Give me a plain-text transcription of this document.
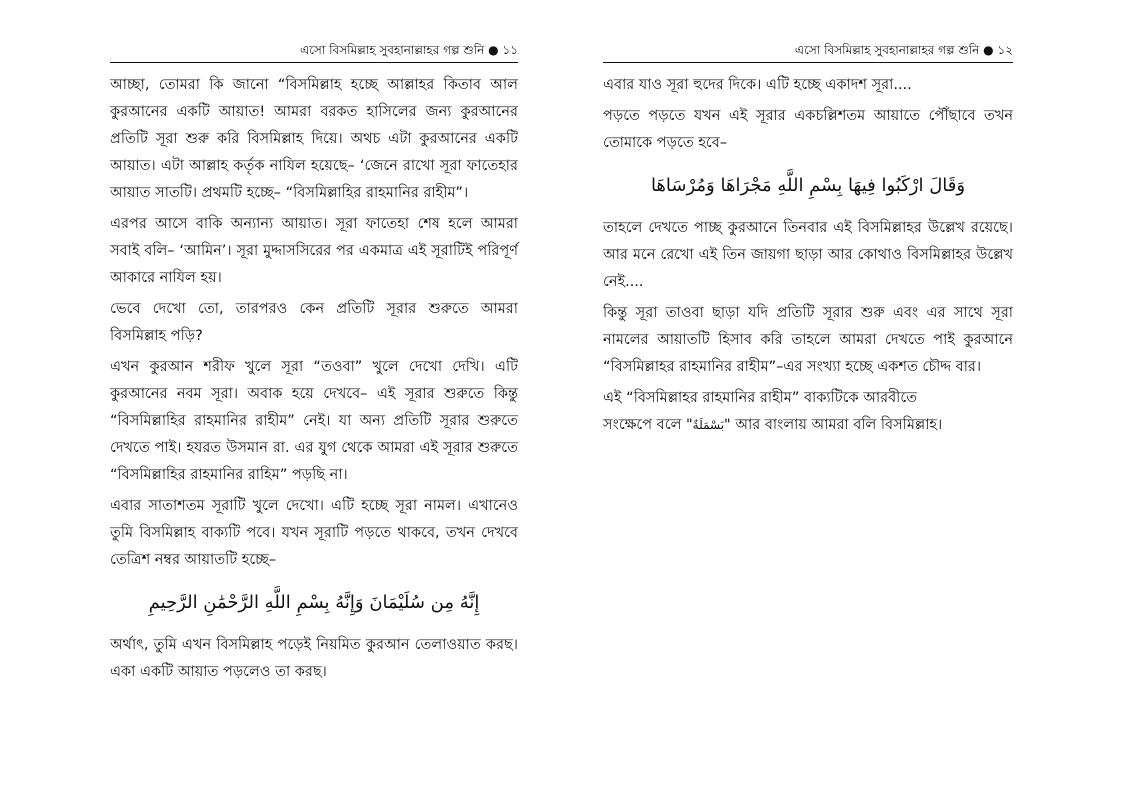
এসো বিসমিল্লাহ সুবহানাল্লাহর গল্প শুনি ● ১১

আচ্ছা, তোমরা কি জানো “বিসমিল্লাহ হচ্ছে আল্লাহর কিতাব আল কুরআনের একটি আয়াত! আমরা বরকত হাসিলের জন্য কুরআনের প্রতিটি সূরা শুরু করি বিসমিল্লাহ দিয়ে। অথচ এটা কুরআনের একটি আয়াত। এটা আল্লাহ কর্তৃক নাযিল হয়েছে– ‘জেনে রাখো সূরা ফাতেহার আয়াত সাতটি। প্রথমটি হচ্ছে– “বিসমিল্লাহির রাহমানির রাহীম”।

এরপর আসে বাকি অন্যান্য আয়াত। সূরা ফাতেহা শেষ হলে আমরা সবাই বলি– ‘আমিন’। সূরা মুদ্দাসসিরের পর একমাত্র এই সূরাটিই পরিপূর্ণ আকারে নাযিল হয়।

ভেবে দেখো তো, তারপরও কেন প্রতিটি সূরার শুরুতে আমরা বিসমিল্লাহ পড়ি?

এখন কুরআন শরীফ খুলে সূরা “তওবা” খুলে দেখো দেখি। এটি কুরআনের নবম সূরা। অবাক হয়ে দেখবে– এই সূরার শুরুতে কিন্তু “বিসমিল্লাহির রাহমানির রাহীম” নেই। যা অন্য প্রতিটি সূরার শুরুতে দেখতে পাই। হযরত উসমান রা. এর যুগ থেকে আমরা এই সূরার শুরুতে “বিসমিল্লাহির রাহমানির রাহিম” পড়ছি না।

এবার সাতাশতম সূরাটি খুলে দেখো। এটি হচ্ছে সূরা নামল। এখানেও তুমি বিসমিল্লাহ বাক্যটি পবে। যখন সূরাটি পড়তে থাকবে, তখন দেখবে তেত্রিশ নম্বর আয়াতটি হচ্ছে–

إِنَّهُ مِن سُلَيْمَانَ وَإِنَّهُ بِسْمِ اللَّهِ الرَّحْمَٰنِ الرَّحِيمِ

অর্থাৎ, তুমি এখন বিসমিল্লাহ পড়েই নিয়মিত কুরআন তেলাওয়াত করছ। একা একটি আয়াত পড়লেও তা করছ।

এসো বিসমিল্লাহ সুবহানাল্লাহর গল্প শুনি ● ১২

এবার যাও সূরা হুদের দিকে। এটি হচ্ছে একাদশ সূরা....

পড়তে পড়তে যখন এই সূরার একচল্লিশতম আয়াতে পৌঁছাবে তখন তোমাকে পড়তে হবে–

وَقَالَ ارْكَبُوا فِيهَا بِسْمِ اللَّهِ مَجْرَاهَا وَمُرْسَاهَا

তাহলে দেখতে পাচ্ছ কুরআনে তিনবার এই বিসমিল্লাহর উল্লেখ রয়েছে। আর মনে রেখো এই তিন জায়গা ছাড়া আর কোথাও বিসমিল্লাহর উল্লেখ নেই....

কিন্তু সূরা তাওবা ছাড়া যদি প্রতিটি সূরার শুরু এবং এর সাথে সূরা নামলের আয়াতটি হিসাব করি তাহলে আমরা দেখতে পাই কুরআনে “বিসমিল্লাহর রাহমানির রাহীম”–এর সংখ্যা হচ্ছে একশত চৌদ্দ বার।

এই “বিসমিল্লাহর রাহমানির রাহীম” বাক্যটিকে আরবীতে
সংক্ষেপে বলে "بَسْمَلَةٌ" আর বাংলায় আমরা বলি বিসমিল্লাহ।
